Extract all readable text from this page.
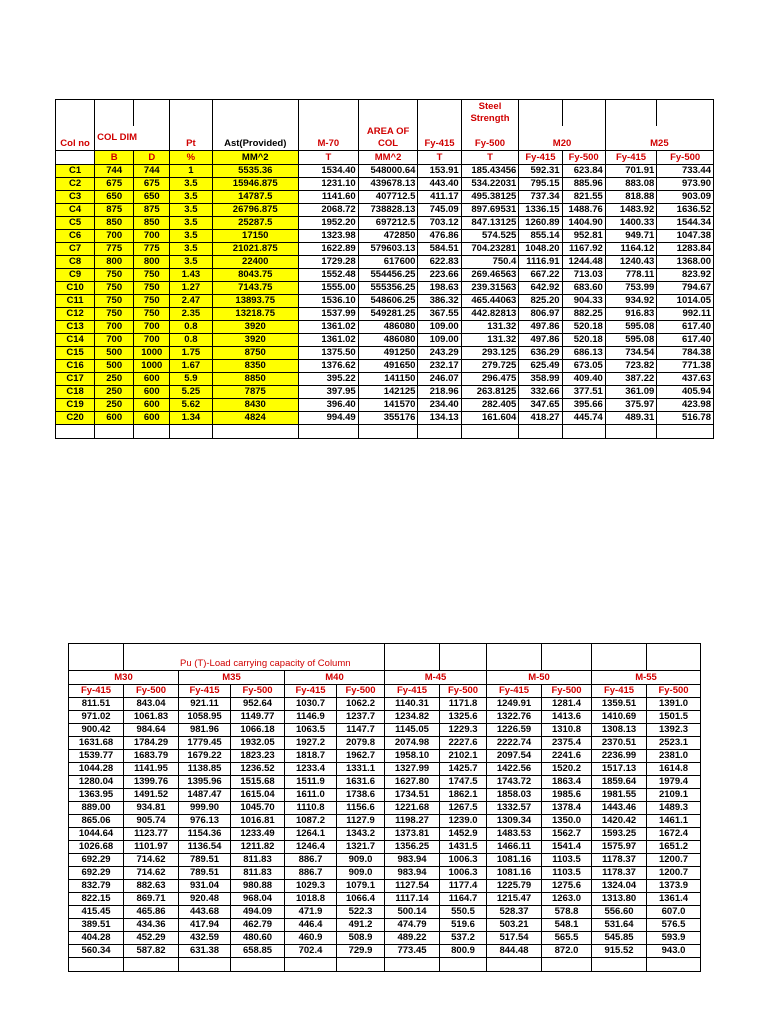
								Steel Strength				
Col no	COL DIM		Pt	Ast(Provided)	M-70	AREA OF COL	Fy-415	Fy-500	M20		M25	
	B	D	%	MM^2	T	MM^2	T	T	Fy-415	Fy-500	Fy-415	Fy-500
C1	744	744	1	5535.36	1534.40	548000.64	153.91	185.43456	592.31	623.84	701.91	733.44
C2	675	675	3.5	15946.875	1231.10	439678.13	443.40	534.22031	795.15	885.96	883.08	973.90
C3	650	650	3.5	14787.5	1141.60	407712.5	411.17	495.38125	737.34	821.55	818.88	903.09
C4	875	875	3.5	26796.875	2068.72	738828.13	745.09	897.69531	1336.15	1488.76	1483.92	1636.52
C5	850	850	3.5	25287.5	1952.20	697212.5	703.12	847.13125	1260.89	1404.90	1400.33	1544.34
C6	700	700	3.5	17150	1323.98	472850	476.86	574.525	855.14	952.81	949.71	1047.38
C7	775	775	3.5	21021.875	1622.89	579603.13	584.51	704.23281	1048.20	1167.92	1164.12	1283.84
C8	800	800	3.5	22400	1729.28	617600	622.83	750.4	1116.91	1244.48	1240.43	1368.00
C9	750	750	1.43	8043.75	1552.48	554456.25	223.66	269.46563	667.22	713.03	778.11	823.92
C10	750	750	1.27	7143.75	1555.00	555356.25	198.63	239.31563	642.92	683.60	753.99	794.67
C11	750	750	2.47	13893.75	1536.10	548606.25	386.32	465.44063	825.20	904.33	934.92	1014.05
C12	750	750	2.35	13218.75	1537.99	549281.25	367.55	442.82813	806.97	882.25	916.83	992.11
C13	700	700	0.8	3920	1361.02	486080	109.00	131.32	497.86	520.18	595.08	617.40
C14	700	700	0.8	3920	1361.02	486080	109.00	131.32	497.86	520.18	595.08	617.40
C15	500	1000	1.75	8750	1375.50	491250	243.29	293.125	636.29	686.13	734.54	784.38
C16	500	1000	1.67	8350	1376.62	491650	232.17	279.725	625.49	673.05	723.82	771.38
C17	250	600	5.9	8850	395.22	141150	246.07	296.475	358.99	409.40	387.22	437.63
C18	250	600	5.25	7875	397.95	142125	218.96	263.8125	332.66	377.51	361.09	405.94
C19	250	600	5.62	8430	396.40	141570	234.40	282.405	347.65	395.66	375.97	423.98
C20	600	600	1.34	4824	994.49	355176	134.13	161.604	418.27	445.74	489.31	516.78

	Pu (T)-Load carrying capacity of Column										
M30		M35		M40		M-45		M-50		M-55	
Fy-415	Fy-500	Fy-415	Fy-500	Fy-415	Fy-500	Fy-415	Fy-500	Fy-415	Fy-500	Fy-415	Fy-500
811.51	843.04	921.11	952.64	1030.7	1062.2	1140.31	1171.8	1249.91	1281.4	1359.51	1391.0
971.02	1061.83	1058.95	1149.77	1146.9	1237.7	1234.82	1325.6	1322.76	1413.6	1410.69	1501.5
900.42	984.64	981.96	1066.18	1063.5	1147.7	1145.05	1229.3	1226.59	1310.8	1308.13	1392.3
1631.68	1784.29	1779.45	1932.05	1927.2	2079.8	2074.98	2227.6	2222.74	2375.4	2370.51	2523.1
1539.77	1683.79	1679.22	1823.23	1818.7	1962.7	1958.10	2102.1	2097.54	2241.6	2236.99	2381.0
1044.28	1141.95	1138.85	1236.52	1233.4	1331.1	1327.99	1425.7	1422.56	1520.2	1517.13	1614.8
1280.04	1399.76	1395.96	1515.68	1511.9	1631.6	1627.80	1747.5	1743.72	1863.4	1859.64	1979.4
1363.95	1491.52	1487.47	1615.04	1611.0	1738.6	1734.51	1862.1	1858.03	1985.6	1981.55	2109.1
889.00	934.81	999.90	1045.70	1110.8	1156.6	1221.68	1267.5	1332.57	1378.4	1443.46	1489.3
865.06	905.74	976.13	1016.81	1087.2	1127.9	1198.27	1239.0	1309.34	1350.0	1420.42	1461.1
1044.64	1123.77	1154.36	1233.49	1264.1	1343.2	1373.81	1452.9	1483.53	1562.7	1593.25	1672.4
1026.68	1101.97	1136.54	1211.82	1246.4	1321.7	1356.25	1431.5	1466.11	1541.4	1575.97	1651.2
692.29	714.62	789.51	811.83	886.7	909.0	983.94	1006.3	1081.16	1103.5	1178.37	1200.7
692.29	714.62	789.51	811.83	886.7	909.0	983.94	1006.3	1081.16	1103.5	1178.37	1200.7
832.79	882.63	931.04	980.88	1029.3	1079.1	1127.54	1177.4	1225.79	1275.6	1324.04	1373.9
822.15	869.71	920.48	968.04	1018.8	1066.4	1117.14	1164.7	1215.47	1263.0	1313.80	1361.4
415.45	465.86	443.68	494.09	471.9	522.3	500.14	550.5	528.37	578.8	556.60	607.0
389.51	434.36	417.94	462.79	446.4	491.2	474.79	519.6	503.21	548.1	531.64	576.5
404.28	452.29	432.59	480.60	460.9	508.9	489.22	537.2	517.54	565.5	545.85	593.9
560.34	587.82	631.38	658.85	702.4	729.9	773.45	800.9	844.48	872.0	915.52	943.0
